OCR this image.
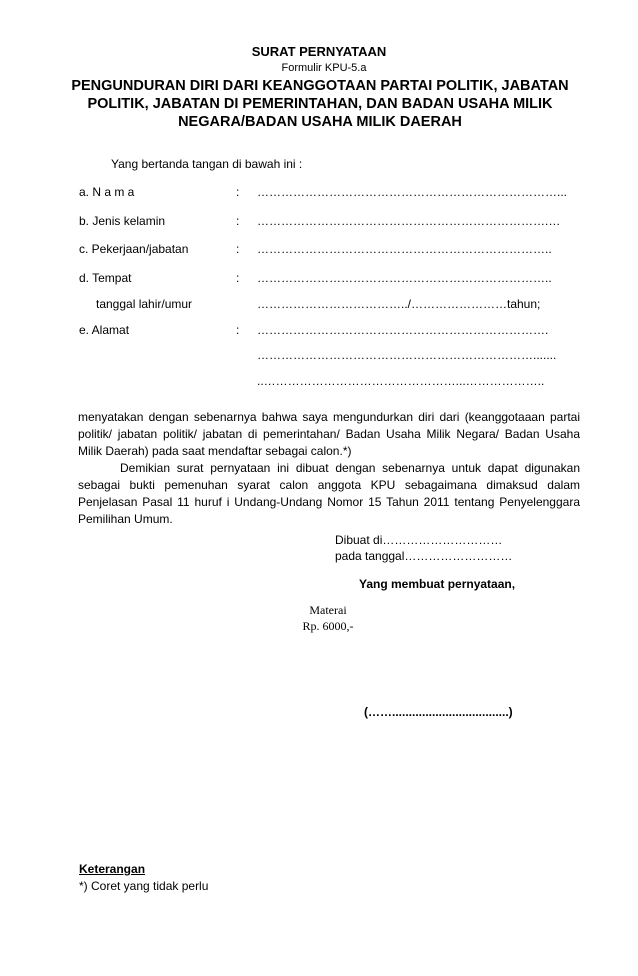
SURAT PERNYATAAN
Formulir KPU-5.a
PENGUNDURAN DIRI DARI KEANGGOTAAN PARTAI POLITIK, JABATAN POLITIK, JABATAN DI PEMERINTAHAN, DAN BADAN USAHA MILIK NEGARA/BADAN USAHA MILIK DAERAH
Yang bertanda tangan di bawah ini :
a. N a m a	: …………………………………………………………………...
b. Jenis kelamin	: ……………………………………………………………….…
c. Pekerjaan/jabatan	: ………………………………………………………………..
d. Tempat	: ………………………………………………………………..
tanggal lahir/umur	………………………………../……………………tahun;
e. Alamat	: ……………………………………………………………….
…………………………………………………………….......
..…………………………………………...………………..
menyatakan dengan sebenarnya bahwa saya mengundurkan diri dari (keanggotaaan partai politik/ jabatan politik/ jabatan di pemerintahan/ Badan Usaha Milik Negara/ Badan Usaha Milik Daerah) pada saat mendaftar sebagai calon.*)
Demikian surat pernyataan ini dibuat dengan sebenarnya untuk dapat digunakan sebagai bukti pemenuhan syarat calon anggota KPU sebagaimana dimaksud dalam Penjelasan Pasal 11 huruf i Undang-Undang Nomor 15 Tahun 2011 tentang Penyelenggara Pemilihan Umum.
Dibuat di…………………………
pada tanggal………………………
Yang membuat pernyataan,
Materai
Rp. 6000,-
(……...................................)
Keterangan
*) Coret yang tidak perlu
